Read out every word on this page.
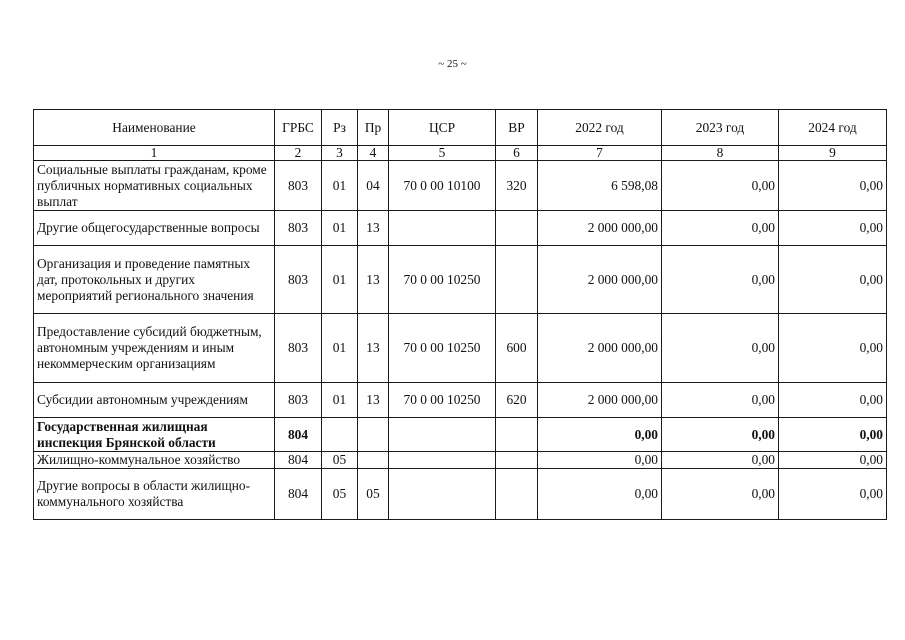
~ 25 ~
Наименование	ГРБС	Рз	Пр	ЦСР	ВР	2022 год	2023 год	2024 год
1	2	3	4	5	6	7	8	9
Социальные выплаты гражданам, кроме публичных нормативных социальных выплат	803	01	04	70 0 00 10100	320	6 598,08	0,00	0,00
Другие общегосударственные вопросы	803	01	13			2 000 000,00	0,00	0,00
Организация и проведение памятных дат, протокольных и других мероприятий регионального значения	803	01	13	70 0 00 10250		2 000 000,00	0,00	0,00
Предоставление субсидий бюджетным, автономным учреждениям и иным некоммерческим организациям	803	01	13	70 0 00 10250	600	2 000 000,00	0,00	0,00
Субсидии автономным учреждениям	803	01	13	70 0 00 10250	620	2 000 000,00	0,00	0,00
Государственная жилищная инспекция Брянской области	804					0,00	0,00	0,00
Жилищно-коммунальное хозяйство	804	05				0,00	0,00	0,00
Другие вопросы в области жилищно-коммунального хозяйства	804	05	05			0,00	0,00	0,00
